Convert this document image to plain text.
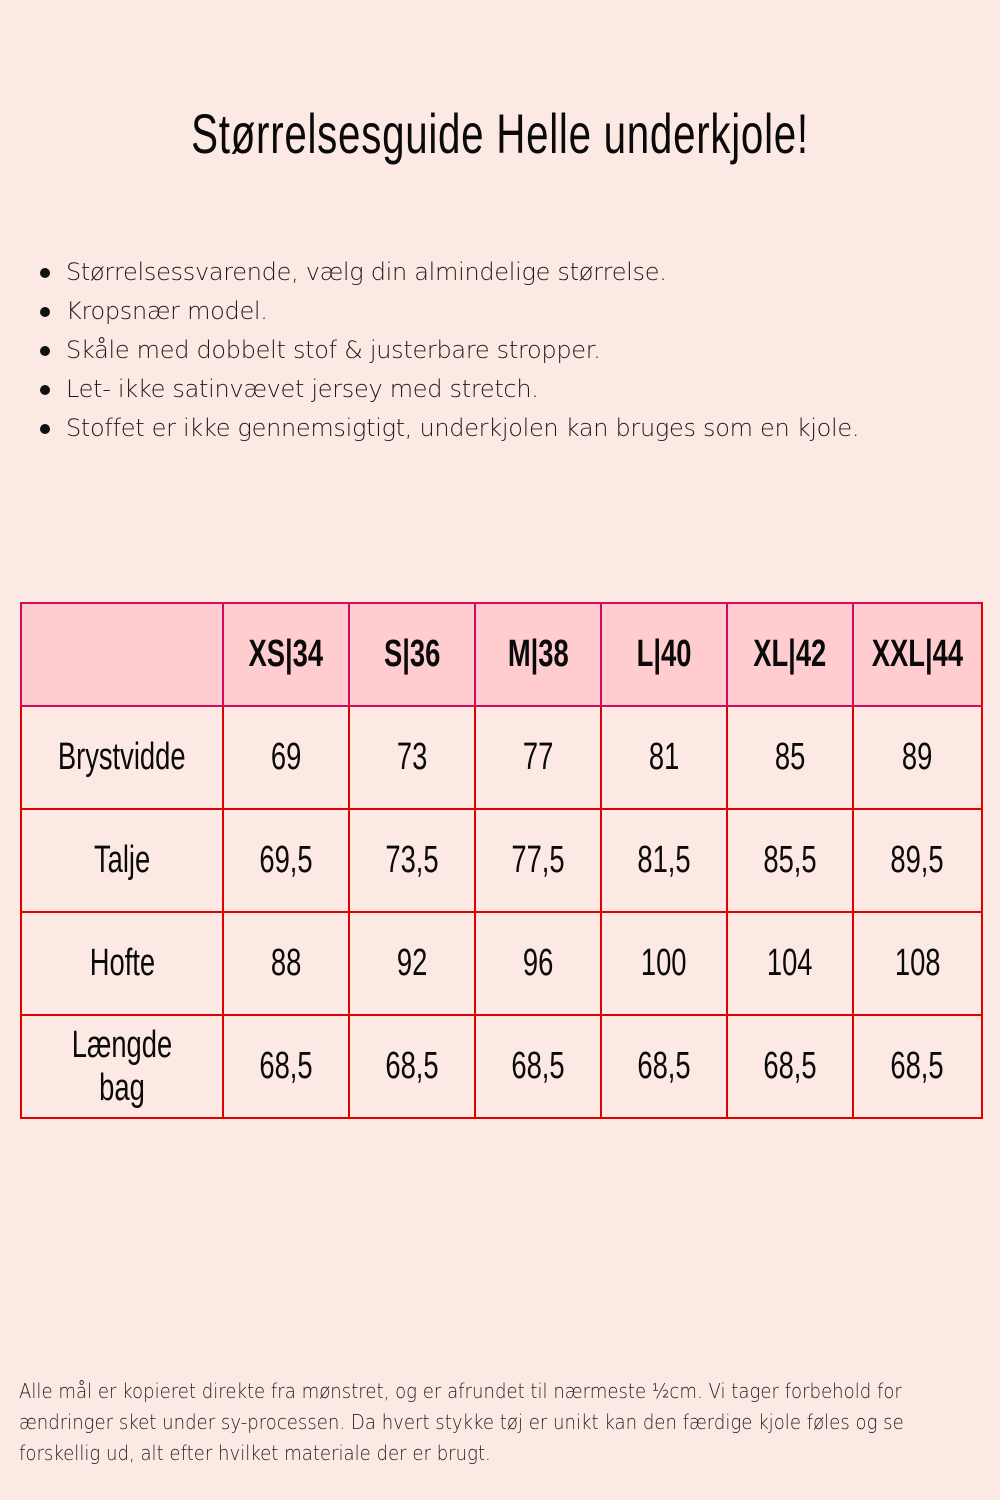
Størrelsesguide Helle underkjole!
Størrelsessvarende, vælg din almindelige størrelse.
Kropsnær model.
Skåle med dobbelt stof & justerbare stropper.
Let- ikke satinvævet jersey med stretch.
Stoffet er ikke gennemsigtigt, underkjolen kan bruges som en kjole.
	XS|34	S|36	M|38	L|40	XL|42	XXL|44
Brystvidde	69	73	77	81	85	89
Talje	69,5	73,5	77,5	81,5	85,5	89,5
Hofte	88	92	96	100	104	108
Længde bag	68,5	68,5	68,5	68,5	68,5	68,5

Alle mål er kopieret direkte fra mønstret, og er afrundet til nærmeste ½cm. Vi tager forbehold for ændringer sket under sy-processen. Da hvert stykke tøj er unikt kan den færdige kjole føles og se forskellig ud, alt efter hvilket materiale der er brugt.
